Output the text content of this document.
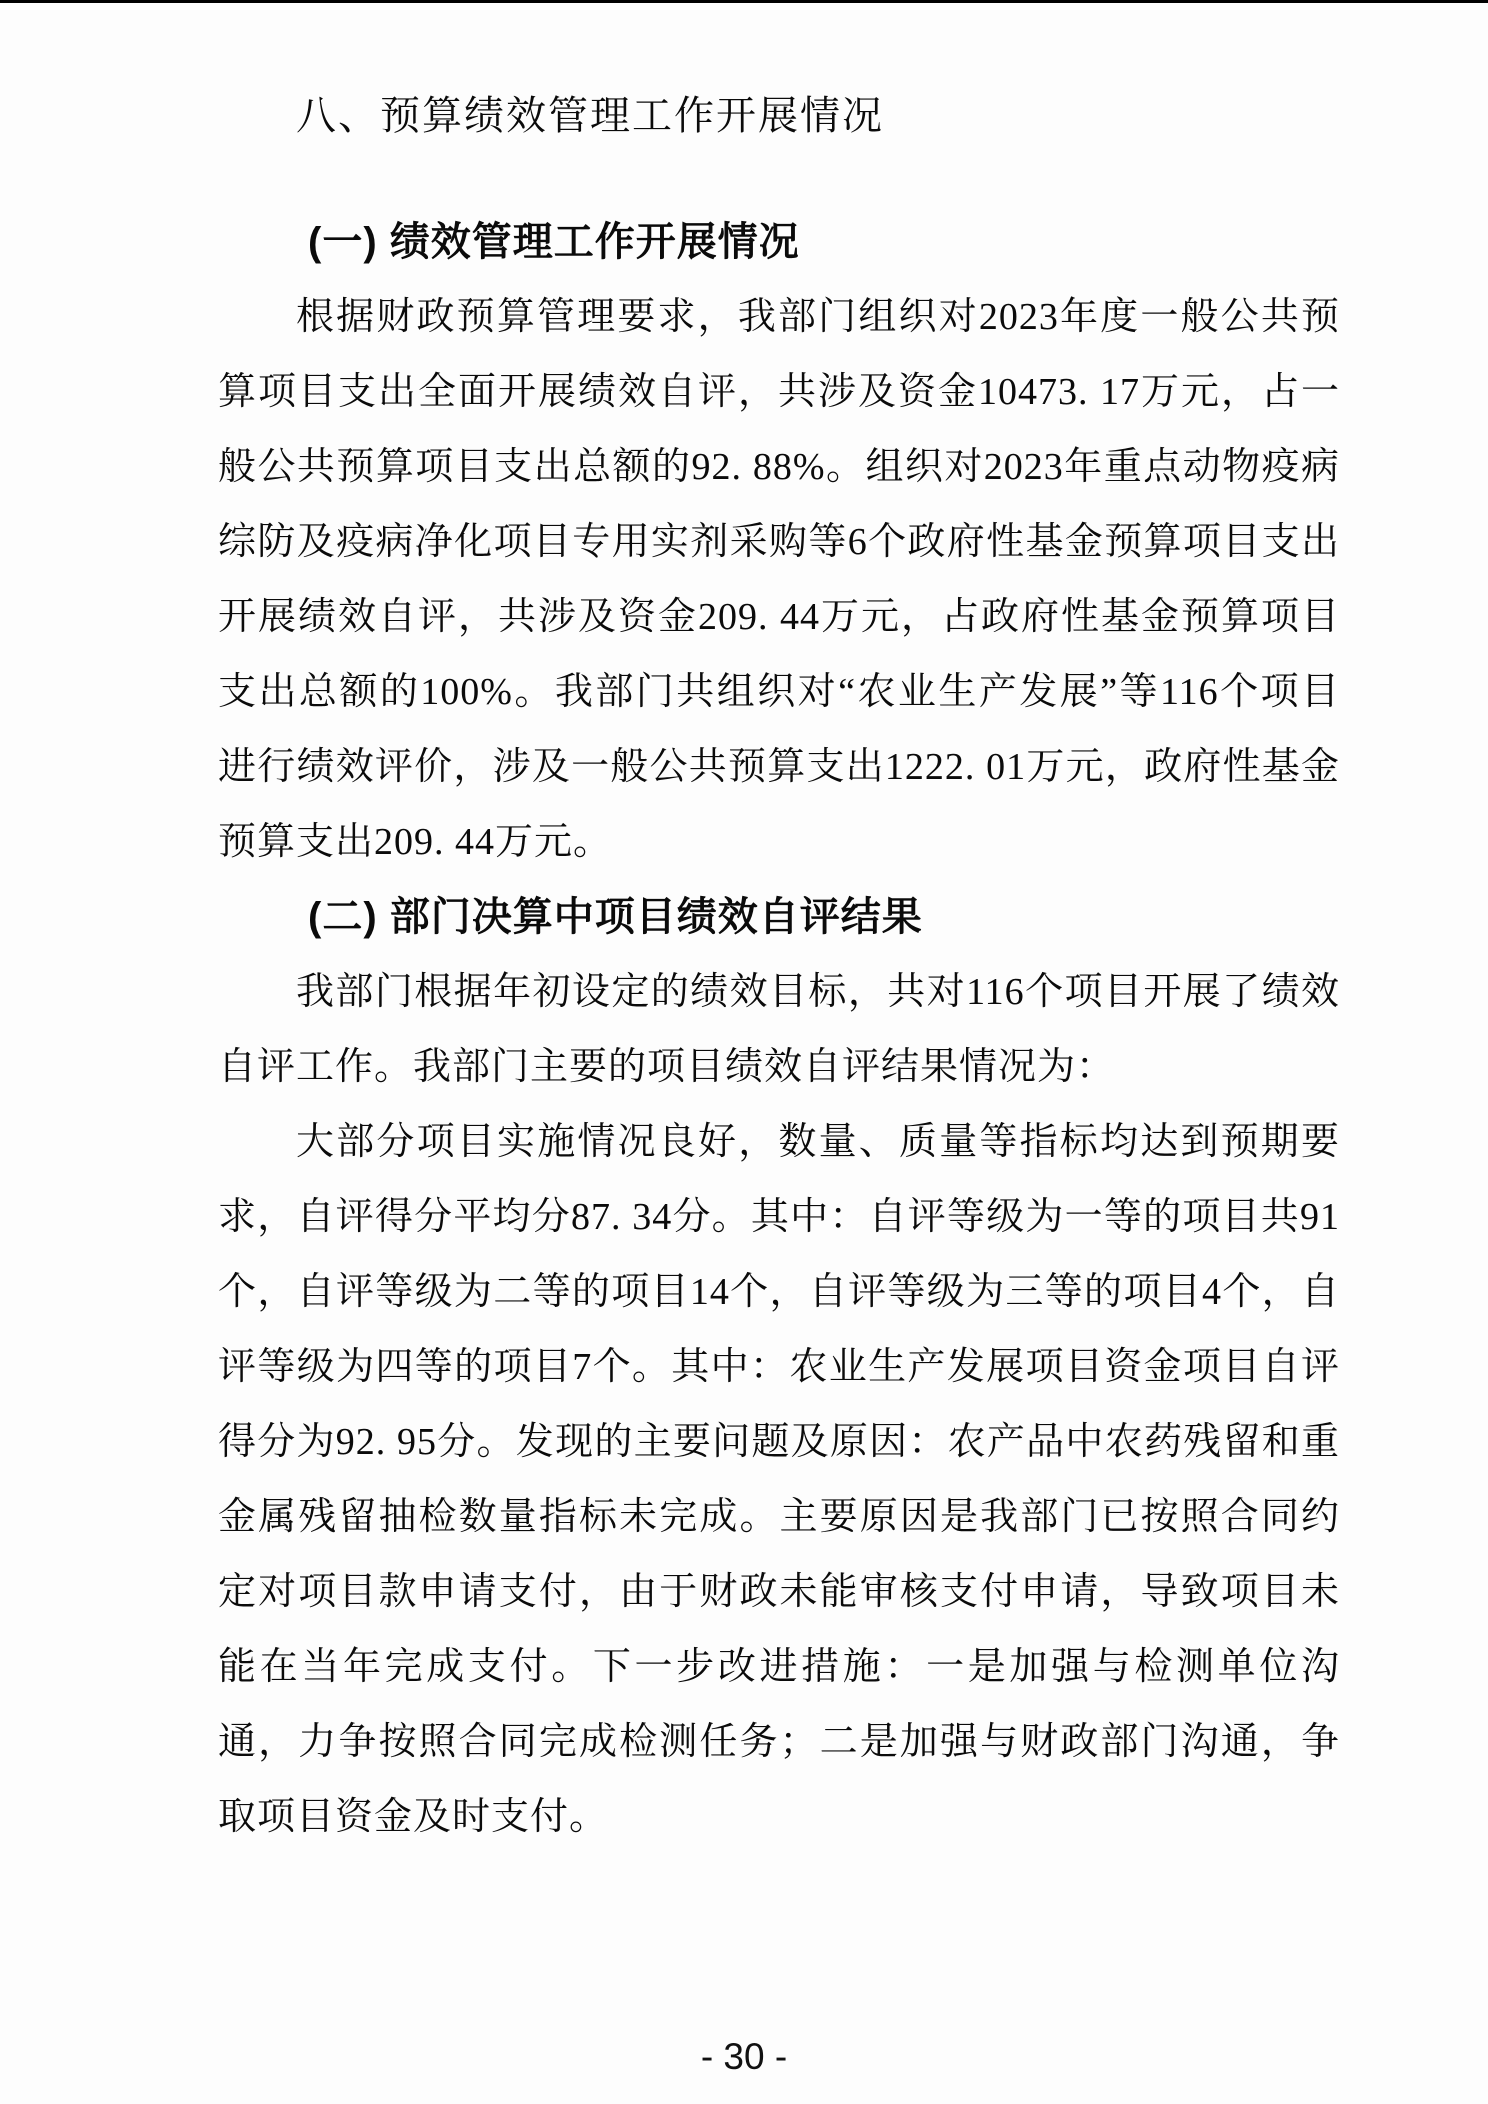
八、预算绩效管理工作开展情况
(一) 绩效管理工作开展情况
根据财政预算管理要求，我部门组织对2023年度一般公共预
算项目支出全面开展绩效自评，共涉及资金10473. 17万元，占一
般公共预算项目支出总额的92. 88%。组织对2023年重点动物疫病
综防及疫病净化项目专用实剂采购等6个政府性基金预算项目支出
开展绩效自评，共涉及资金209. 44万元，占政府性基金预算项目
支出总额的100%。我部门共组织对“农业生产发展”等116个项目
进行绩效评价，涉及一般公共预算支出1222. 01万元，政府性基金
预算支出209. 44万元。
(二) 部门决算中项目绩效自评结果
我部门根据年初设定的绩效目标，共对116个项目开展了绩效
自评工作。我部门主要的项目绩效自评结果情况为：
大部分项目实施情况良好，数量、质量等指标均达到预期要
求，自评得分平均分87. 34分。其中：自评等级为一等的项目共91
个，自评等级为二等的项目14个，自评等级为三等的项目4个，自
评等级为四等的项目7个。其中：农业生产发展项目资金项目自评
得分为92. 95分。发现的主要问题及原因：农产品中农药残留和重
金属残留抽检数量指标未完成。主要原因是我部门已按照合同约
定对项目款申请支付，由于财政未能审核支付申请，导致项目未
能在当年完成支付。下一步改进措施：一是加强与检测单位沟
通，力争按照合同完成检测任务；二是加强与财政部门沟通，争
取项目资金及时支付。
- 30 -
